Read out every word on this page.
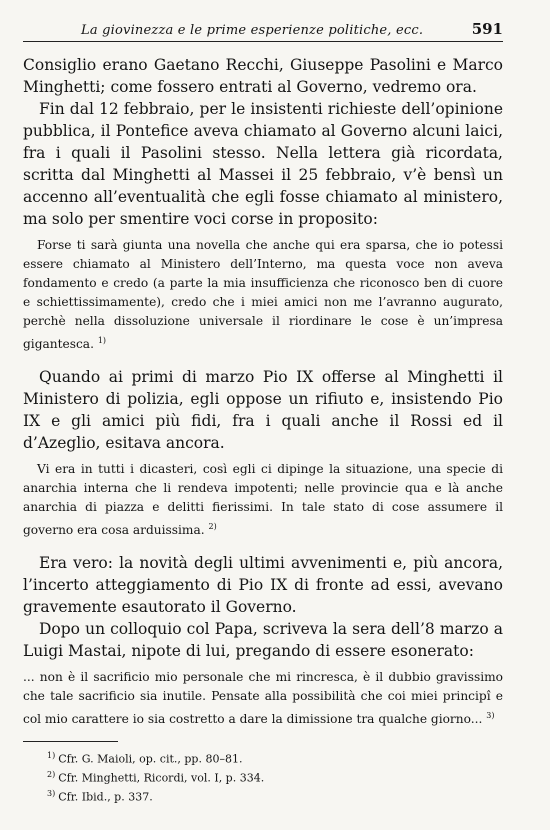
La giovinezza e le prime esperienze politiche, ecc.	591

Consiglio erano Gaetano Recchi, Giuseppe Pasolini e Marco Minghetti; come fossero entrati al Governo, vedremo ora.

Fin dal 12 febbraio, per le insistenti richieste dell’opinione pubblica, il Pontefice aveva chiamato al Governo alcuni laici, fra i quali il Pasolini stesso. Nella lettera già ricordata, scritta dal Minghetti al Massei il 25 febbraio, v’è bensì un accenno all’eventualità che egli fosse chiamato al ministero, ma solo per smentire voci corse in proposito:

Forse ti sarà giunta una novella che anche qui era sparsa, che io potessi essere chiamato al Ministero dell’Interno, ma questa voce non aveva fondamento e credo (a parte la mia insufficienza che riconosco ben di cuore e schiettissimamente), credo che i miei amici non me l’avranno augurato, perchè nella dissoluzione universale il riordinare le cose è un’impresa gigantesca. $^{1)}$

Quando ai primi di marzo Pio IX offerse al Minghetti il Ministero di polizia, egli oppose un rifiuto e, insistendo Pio IX e gli amici più fidi, fra i quali anche il Rossi ed il d’Azeglio, esitava ancora.

Vi era in tutti i dicasteri, così egli ci dipinge la situazione, una specie di anarchia interna che li rendeva impotenti; nelle provincie qua e là anche anarchia di piazza e delitti fierissimi. In tale stato di cose assumere il governo era cosa arduissima. $^{2)}$

Era vero: la novità degli ultimi avvenimenti e, più ancora, l’incerto atteggiamento di Pio IX di fronte ad essi, avevano gravemente esautorato il Governo.

Dopo un colloquio col Papa, scriveva la sera dell’8 marzo a Luigi Mastai, nipote di lui, pregando di essere esonerato:

... non è il sacrificio mio personale che mi rincresca, è il dubbio gravissimo che tale sacrificio sia inutile. Pensate alla possibilità che coi miei principî e col mio carattere io sia costretto a dare la dimissione tra qualche giorno... $^{3)}$

$^{1)}$ Cfr. G. Maioli, op. cit., pp. 80–81.
$^{2)}$ Cfr. Minghetti, Ricordi, vol. I, p. 334.
$^{3)}$ Cfr. Ibid., p. 337.
